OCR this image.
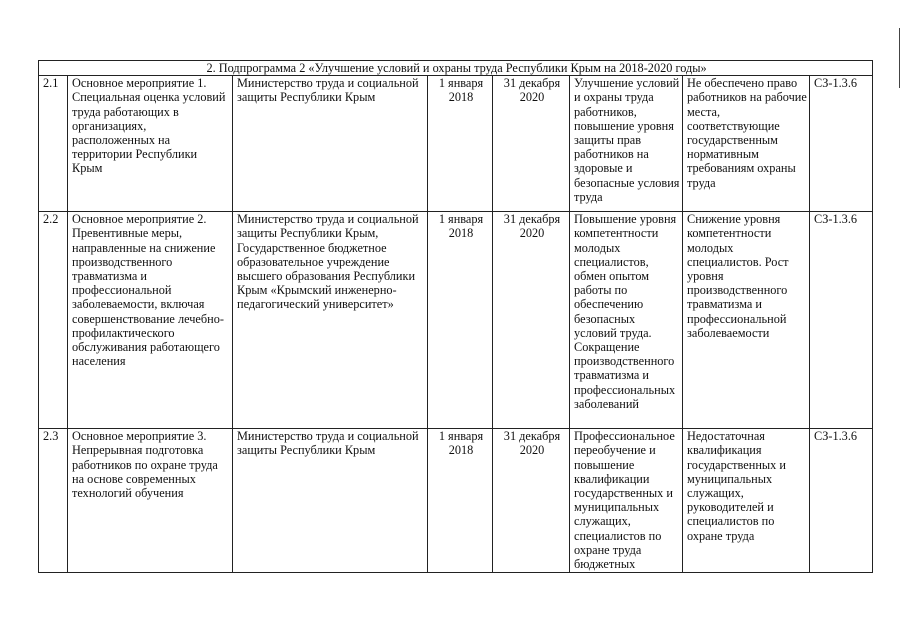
2. Подпрограмма 2 «Улучшение условий и охраны труда Республики Крым на 2018-2020 годы»							
2.1	Основное мероприятие 1. Специальная оценка условий труда работающих в организациях, расположенных на территории Республики Крым	Министерство труда и социальной защиты Республики Крым	1 января 2018	31 декабря 2020	Улучшение условий и охраны труда работников, повышение уровня защиты прав работников на здоровые и безопасные условия труда	Не обеспечено право работников на рабочие места, соответствующие государственным нормативным требованиям охраны труда	СЗ-1.3.6
2.2	Основное мероприятие 2. Превентивные меры, направленные на снижение производственного травматизма и профессиональной заболеваемости, включая совершенствование лечебно-профилактического обслуживания работающего населения	Министерство труда и социальной защиты Республики Крым, Государственное бюджетное образовательное учреждение высшего образования Республики Крым «Крымский инженерно-педагогический университет»	1 января 2018	31 декабря 2020	Повышение уровня компетентности молодых специалистов, обмен опытом работы по обеспечению безопасных условий труда. Сокращение производственного травматизма и профессиональных заболеваний	Снижение уровня компетентности молодых специалистов. Рост уровня производственного травматизма и профессиональной заболеваемости	СЗ-1.3.6
2.3	Основное мероприятие 3. Непрерывная подготовка работников по охране труда на основе современных технологий обучения	Министерство труда и социальной защиты Республики Крым	1 января 2018	31 декабря 2020	Профессиональное переобучение и повышение квалификации государственных и муниципальных служащих, специалистов по охране труда бюджетных	Недостаточная квалификация государственных и муниципальных служащих, руководителей и специалистов по охране труда	СЗ-1.3.6
